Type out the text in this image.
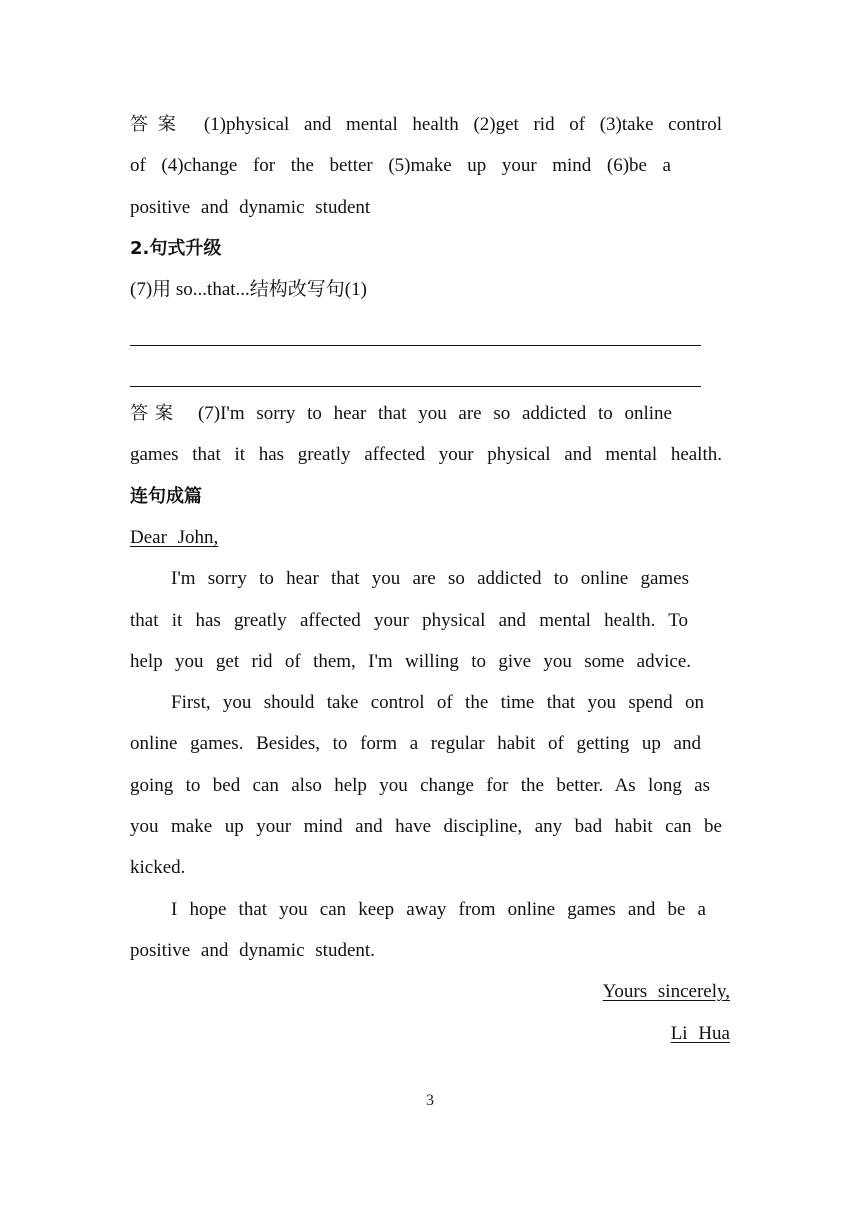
答案 (1)physical and mental health (2)get rid of (3)take control
of (4)change for the better (5)make up your mind (6)be a
positive and dynamic student
2.句式升级
(7)用 so...that...结构改写句(1)
答案 (7)I'm sorry to hear that you are so addicted to online
games that it has greatly affected your physical and mental health.
连句成篇
Dear John,
I'm sorry to hear that you are so addicted to online games
that it has greatly affected your physical and mental health. To
help you get rid of them, I'm willing to give you some advice.
First, you should take control of the time that you spend on
online games. Besides, to form a regular habit of getting up and
going to bed can also help you change for the better. As long as
you make up your mind and have discipline, any bad habit can be
kicked.
I hope that you can keep away from online games and be a
positive and dynamic student.
Yours sincerely,
Li Hua
3
